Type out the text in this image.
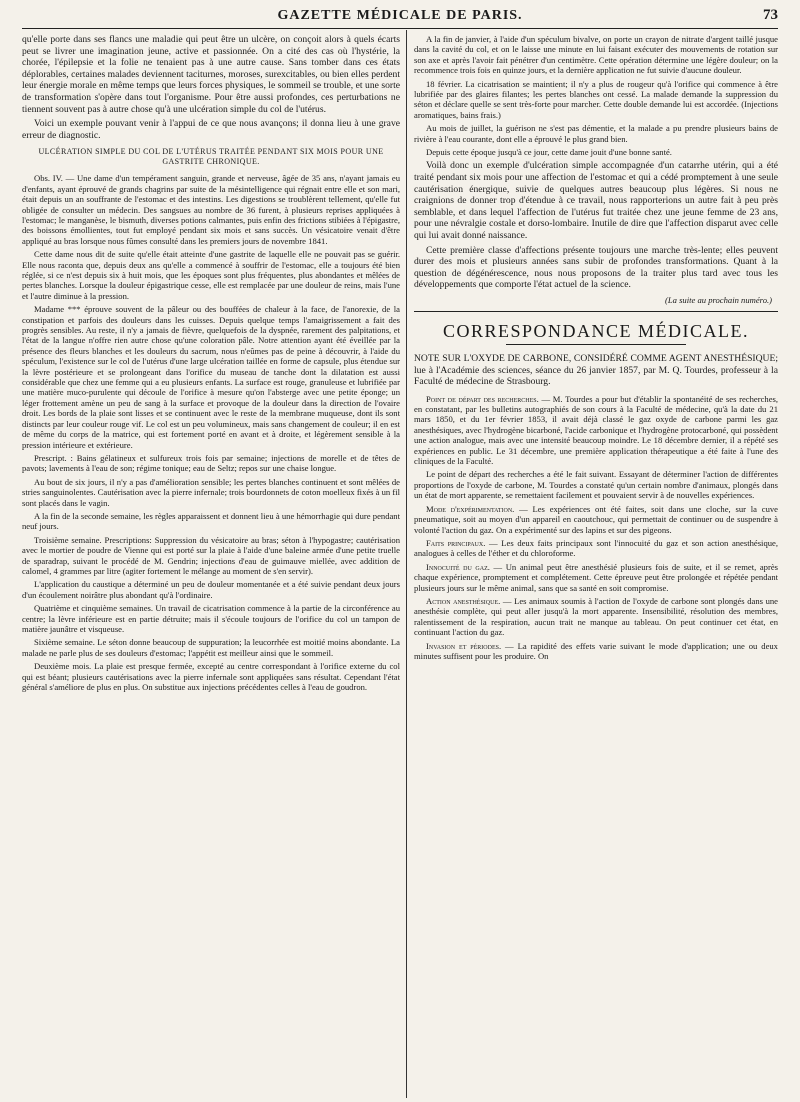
GAZETTE MÉDICALE DE PARIS.	73

qu'elle porte dans ses flancs une maladie qui peut être un ulcère, on conçoit alors à quels écarts peut se livrer une imagination jeune, active et passionnée. On a cité des cas où l'hystérie, la chorée, l'épilepsie et la folie ne tenaient pas à une autre cause. Sans tomber dans ces états déplorables, certaines malades deviennent taciturnes, moroses, surexcitables, ou bien elles perdent leur énergie morale en même temps que leurs forces physiques, le sommeil se trouble, et une sorte de transformation s'opère dans tout l'organisme. Pour être aussi profondes, ces perturbations ne tiennent souvent pas à autre chose qu'à une ulcération simple du col de l'utérus.

Voici un exemple pouvant venir à l'appui de ce que nous avançons; il donna lieu à une grave erreur de diagnostic.

ULCÉRATION SIMPLE DU COL DE L'UTÉRUS TRAITÉE PENDANT SIX MOIS POUR UNE
GASTRITE CHRONIQUE.

Obs. IV. — Une dame d'un tempérament sanguin, grande et nerveuse, âgée de 35 ans, n'ayant jamais eu d'enfants, ayant éprouvé de grands chagrins par suite de la mésintelligence qui régnait entre elle et son mari, était depuis un an souffrante de l'estomac et des intestins. Les digestions se troublèrent tellement, qu'elle fut obligée de consulter un médecin. Des sangsues au nombre de 36 furent, à plusieurs reprises appliquées à l'estomac; le manganèse, le bismuth, diverses potions calmantes, puis enfin des frictions stibiées à l'épigastre, des boissons émollientes, tout fut employé pendant six mois et sans succès. Un vésicatoire venait d'être appliqué au bras lorsque nous fûmes consulté dans les premiers jours de novembre 1841.

Cette dame nous dit de suite qu'elle était atteinte d'une gastrite de laquelle elle ne pouvait pas se guérir. Elle nous raconta que, depuis deux ans qu'elle a commencé à souffrir de l'estomac, elle a toujours été bien réglée, si ce n'est depuis six à huit mois, que les époques sont plus fréquentes, plus abondantes et mêlées de pertes blanches. Lorsque la douleur épigastrique cesse, elle est remplacée par une douleur de reins, mais l'une et l'autre diminue à la pression.

Madame *** éprouve souvent de la pâleur ou des bouffées de chaleur à la face, de l'anorexie, de la constipation et parfois des douleurs dans les cuisses. Depuis quelque temps l'amaigrissement a fait des progrès sensibles. Au reste, il n'y a jamais de fièvre, quelquefois de la dyspnée, rarement des palpitations, et l'état de la langue n'offre rien autre chose qu'une coloration pâle. Notre attention ayant été éveillée par la présence des fleurs blanches et les douleurs du sacrum, nous n'eûmes pas de peine à découvrir, à l'aide du spéculum, l'existence sur le col de l'utérus d'une large ulcération taillée en forme de capsule, plus étendue sur la lèvre postérieure et se prolongeant dans l'orifice du museau de tanche dont la dilatation est aussi considérable que chez une femme qui a eu plusieurs enfants. La surface est rouge, granuleuse et lubrifiée par une matière muco-purulente qui découle de l'orifice à mesure qu'on l'absterge avec une petite éponge; un léger frottement amène un peu de sang à la surface et provoque de la douleur dans la direction de l'ovaire droit. Les bords de la plaie sont lisses et se continuent avec le reste de la membrane muqueuse, dont ils sont distincts par leur couleur rouge vif. Le col est un peu volumineux, mais sans changement de couleur; il en est de même du corps de la matrice, qui est fortement porté en avant et à droite, et légèrement sensible à la pression intérieure et extérieure.

Prescript. : Bains gélatineux et sulfureux trois fois par semaine; injections de morelle et de têtes de pavots; lavements à l'eau de son; régime tonique; eau de Seltz; repos sur une chaise longue.

Au bout de six jours, il n'y a pas d'amélioration sensible; les pertes blanches continuent et sont mêlées de stries sanguinolentes. Cautérisation avec la pierre infernale; trois bourdonnets de coton moelleux fixés à un fil sont placés dans le vagin.

A la fin de la seconde semaine, les règles apparaissent et donnent lieu à une hémorrhagie qui dure pendant neuf jours.

Troisième semaine. Prescriptions: Suppression du vésicatoire au bras; séton à l'hypogastre; cautérisation avec le mortier de poudre de Vienne qui est porté sur la plaie à l'aide d'une baleine armée d'une petite truelle de sparadrap, suivant le procédé de M. Gendrin; injections d'eau de guimauve miellée, avec addition de calomel, 4 grammes par litre (agiter fortement le mélange au moment de s'en servir).

L'application du caustique a déterminé un peu de douleur momentanée et a été suivie pendant deux jours d'un écoulement noirâtre plus abondant qu'à l'ordinaire.

Quatrième et cinquième semaines. Un travail de cicatrisation commence à la partie de la circonférence au centre; la lèvre inférieure est en partie détruite; mais il s'écoule toujours de l'orifice du col un tampon de matière jaunâtre et visqueuse.

Sixième semaine. Le séton donne beaucoup de suppuration; la leucorrhée est moitié moins abondante. La malade ne parle plus de ses douleurs d'estomac; l'appétit est meilleur ainsi que le sommeil.

Deuxième mois. La plaie est presque fermée, excepté au centre correspondant à l'orifice externe du col qui est béant; plusieurs cautérisations avec la pierre infernale sont appliquées sans résultat. Cependant l'état général s'améliore de plus en plus. On substitue aux injections précédentes celles à l'eau de goudron.

A la fin de janvier, à l'aide d'un spéculum bivalve, on porte un crayon de nitrate d'argent taillé jusque dans la cavité du col, et on le laisse une minute en lui faisant exécuter des mouvements de rotation sur son axe et après l'avoir fait pénétrer d'un centimètre. Cette opération détermine une légère douleur; on la recommence trois fois en quinze jours, et la dernière application ne fut suivie d'aucune douleur.

18 février. La cicatrisation se maintient; il n'y a plus de rougeur qu'à l'orifice qui commence à être lubrifiée par des glaires filantes; les pertes blanches ont cessé. La malade demande la suppression du séton et déclare quelle se sent très-forte pour marcher. Cette double demande lui est accordée. (Injections aromatiques, bains frais.)

Au mois de juillet, la guérison ne s'est pas démentie, et la malade a pu prendre plusieurs bains de rivière à l'eau courante, dont elle a éprouvé le plus grand bien.

Depuis cette époque jusqu'à ce jour, cette dame jouit d'une bonne santé.

Voilà donc un exemple d'ulcération simple accompagnée d'un catarrhe utérin, qui a été traité pendant six mois pour une affection de l'estomac et qui a cédé promptement à une seule cautérisation énergique, suivie de quelques autres beaucoup plus légères. Si nous ne craignions de donner trop d'étendue à ce travail, nous rapporterions un autre fait à peu près semblable, et dans lequel l'affection de l'utérus fut traitée chez une jeune femme de 23 ans, pour une névralgie costale et dorso-lombaire. Inutile de dire que l'affection disparut avec celle qui lui avait donné naissance.

Cette première classe d'affections présente toujours une marche très-lente; elles peuvent durer des mois et plusieurs années sans subir de profondes transformations. Quant à la question de dégénérescence, nous nous proposons de la traiter plus tard avec tous les développements que comporte l'état actuel de la science.

(La suite au prochain numéro.)
CORRESPONDANCE MÉDICALE.

NOTE SUR L'OXYDE DE CARBONE, CONSIDÉRÉ COMME AGENT ANESTHÉSIQUE; lue à l'Académie des sciences, séance du 26 janvier 1857, par M. Q. Tourdes, professeur à la Faculté de médecine de Strasbourg.

Point de départ des recherches. — M. Tourdes a pour but d'établir la spontanéité de ses recherches, en constatant, par les bulletins autographiés de son cours à la Faculté de médecine, qu'à la date du 21 mars 1850, et du 1er février 1853, il avait déjà classé le gaz oxyde de carbone parmi les gaz anesthésiques, avec l'hydrogène bicarboné, l'acide carbonique et l'hydrogène protocarboné, qui possèdent une action analogue, mais avec une intensité beaucoup moindre. Le 18 décembre dernier, il a répété ses expériences en public. Le 31 décembre, une première application thérapeutique a été faite à l'une des cliniques de la Faculté.

Le point de départ des recherches a été le fait suivant. Essayant de déterminer l'action de différentes proportions de l'oxyde de carbone, M. Tourdes a constaté qu'un certain nombre d'animaux, plongés dans un état de mort apparente, se remettaient facilement et pouvaient servir à de nouvelles expériences.

Mode d'expérimentation. — Les expériences ont été faites, soit dans une cloche, sur la cuve pneumatique, soit au moyen d'un appareil en caoutchouc, qui permettait de continuer ou de suspendre à volonté l'action du gaz. On a expérimenté sur des lapins et sur des pigeons.

Faits principaux. — Les deux faits principaux sont l'innocuité du gaz et son action anesthésique, analogues à celles de l'éther et du chloroforme.

Innocuité du gaz. — Un animal peut être anesthésié plusieurs fois de suite, et il se remet, après chaque expérience, promptement et complétement. Cette épreuve peut être prolongée et répétée pendant plusieurs jours sur le même animal, sans que sa santé en soit compromise.

Action anesthésique. — Les animaux soumis à l'action de l'oxyde de carbone sont plongés dans une anesthésie complète, qui peut aller jusqu'à la mort apparente. Insensibilité, résolution des membres, ralentissement de la respiration, aucun trait ne manque au tableau. On peut continuer cet état, en continuant l'action du gaz.

Invasion et périodes. — La rapidité des effets varie suivant le mode d'application; une ou deux minutes suffisent pour les produire. On
